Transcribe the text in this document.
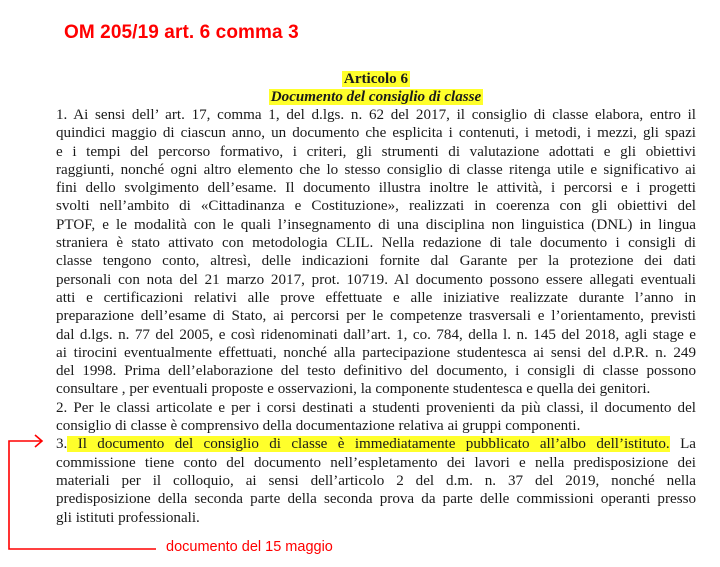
OM 205/19 art. 6 comma 3
Articolo 6
Documento del consiglio di classe
1. Ai sensi dell’ art. 17, comma 1, del d.lgs. n. 62 del 2017, il consiglio di classe elabora, entro il
quindici maggio di ciascun anno, un documento che esplicita i contenuti, i metodi, i mezzi, gli spazi
e i tempi del percorso formativo, i criteri, gli strumenti di valutazione adottati e gli obiettivi
raggiunti, nonché ogni altro elemento che lo stesso consiglio di classe ritenga utile e significativo ai
fini dello svolgimento dell’esame. Il documento illustra inoltre le attività, i percorsi e i progetti
svolti nell’ambito di «Cittadinanza e Costituzione», realizzati in coerenza con gli obiettivi del
PTOF, e le modalità con le quali l’insegnamento di una disciplina non linguistica (DNL) in lingua
straniera è stato attivato con metodologia CLIL. Nella redazione di tale documento i consigli di
classe tengono conto, altresì, delle indicazioni fornite dal Garante per la protezione dei dati
personali con nota del 21 marzo 2017, prot. 10719. Al documento possono essere allegati eventuali
atti e certificazioni relativi alle prove effettuate e alle iniziative realizzate durante l’anno in
preparazione dell’esame di Stato, ai percorsi per le competenze trasversali e l’orientamento, previsti
dal d.lgs. n. 77 del 2005, e così ridenominati dall’art. 1, co. 784, della l. n. 145 del 2018, agli stage e
ai tirocini eventualmente effettuati, nonché alla partecipazione studentesca ai sensi del d.P.R. n. 249
del 1998. Prima dell’elaborazione del testo definitivo del documento, i consigli di classe possono
consultare , per eventuali proposte e osservazioni, la componente studentesca e quella dei genitori.
2. Per le classi articolate e per i corsi destinati a studenti provenienti da più classi, il documento del
consiglio di classe è comprensivo della documentazione relativa ai gruppi componenti.
3. Il documento del consiglio di classe è immediatamente pubblicato all’albo dell’istituto. La
commissione tiene conto del documento nell’espletamento dei lavori e nella predisposizione dei
materiali per il colloquio, ai sensi dell’articolo 2 del d.m. n. 37 del 2019, nonché nella
predisposizione della seconda parte della seconda prova da parte delle commissioni operanti presso
gli istituti professionali.
documento del 15 maggio
